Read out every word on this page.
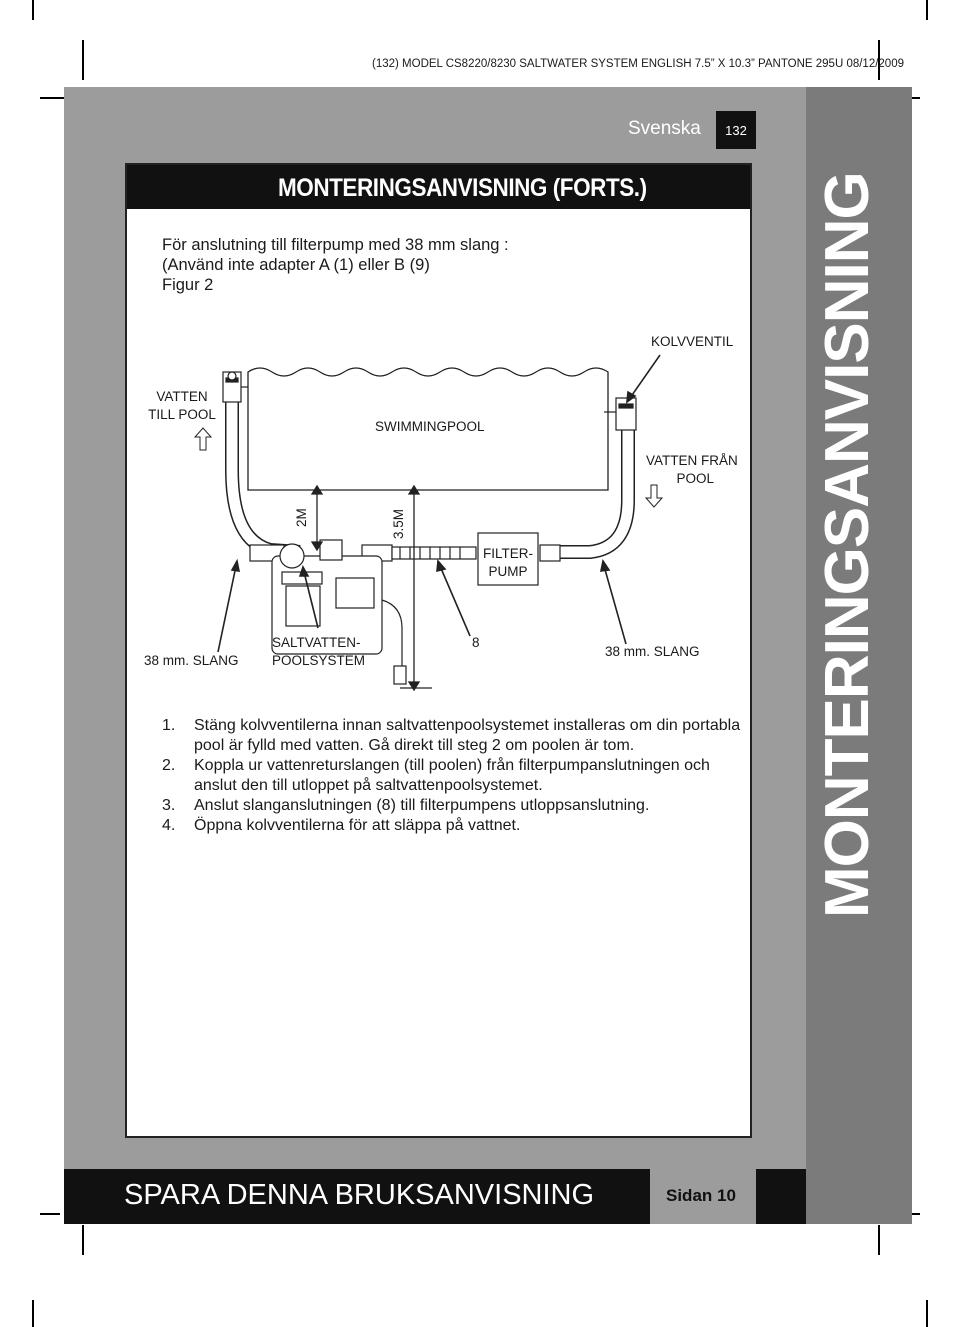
(132) MODEL CS8220/8230 SALTWATER SYSTEM ENGLISH 7.5” X 10.3” PANTONE 295U 08/12/2009
Svenska 132
MONTERINGSANVISNING (FORTS.)
För anslutning till filterpump med 38 mm slang :
(Använd inte adapter A (1) eller B (9)
Figur 2
KOLVVENTIL
VATTEN
TILL POOL
SWIMMINGPOOL
VATTEN FRÅN
POOL
2M	3.5M
FILTER-
PUMP
38 mm. SLANG
SALTVATTEN-
POOLSYSTEM
8
38 mm. SLANG
1.	Stäng kolvventilerna innan saltvattenpoolsystemet installeras om din portabla pool är fylld med vatten. Gå direkt till steg 2 om poolen är tom.
2.	Koppla ur vattenreturslangen (till poolen) från filterpumpanslutningen och anslut den till utloppet på saltvattenpoolsystemet.
3.	Anslut slanganslutningen (8) till filterpumpens utloppsanslutning.
4.	Öppna kolvventilerna för att släppa på vattnet.	MONTERINGSANVISNING
SPARA DENNA BRUKSANVISNING	Sidan 10
